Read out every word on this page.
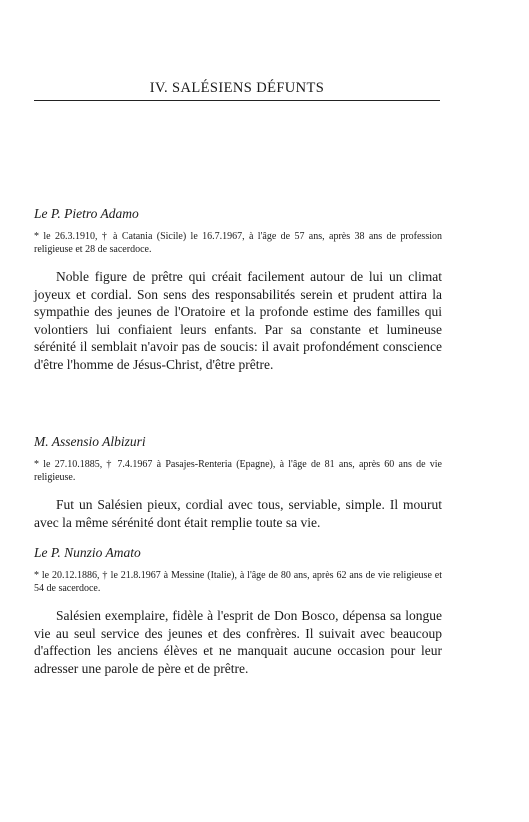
IV. SALÉSIENS DÉFUNTS

Le P. Pietro Adamo

* le 26.3.1910, † à Catania (Sicile) le 16.7.1967, à l'âge de 57 ans, après 38 ans de profession religieuse et 28 de sacerdoce.

Noble figure de prêtre qui créait facilement autour de lui un climat joyeux et cordial. Son sens des responsabilités serein et prudent attira la sympathie des jeunes de l'Oratoire et la profonde estime des familles qui volontiers lui confiaient leurs enfants. Par sa constante et lumineuse sérénité il semblait n'avoir pas de soucis: il avait profondément conscience d'être l'homme de Jésus-Christ, d'être prêtre.

M. Assensio Albizuri

* le 27.10.1885, † 7.4.1967 à Pasajes-Renteria (Epagne), à l'âge de 81 ans, après 60 ans de vie religieuse.

Fut un Salésien pieux, cordial avec tous, serviable, simple. Il mourut avec la même sérénité dont était remplie toute sa vie.

Le P. Nunzio Amato

* le 20.12.1886, † le 21.8.1967 à Messine (Italie), à l'âge de 80 ans, après 62 ans de vie religieuse et 54 de sacerdoce.

Salésien exemplaire, fidèle à l'esprit de Don Bosco, dépensa sa longue vie au seul service des jeunes et des confrères. Il suivait avec beaucoup d'affection les anciens élèves et ne manquait aucune occasion pour leur adresser une parole de père et de prêtre.
